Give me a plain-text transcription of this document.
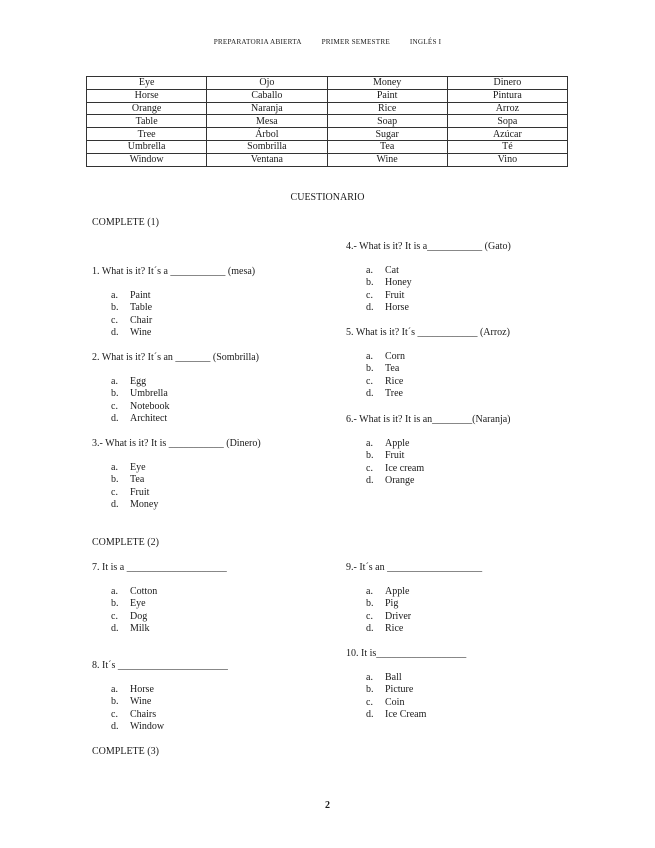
PREPARATORIA ABIERTA	PRIMER SEMESTRE	INGLÉS I
Eye	Ojo	Money	Dinero
Horse	Caballo	Paint	Pintura
Orange	Naranja	Rice	Arroz
Table	Mesa	Soap	Sopa
Tree	Árbol	Sugar	Azúcar
Umbrella	Sombrilla	Tea	Té
Window	Ventana	Wine	Vino
CUESTIONARIO
COMPLETE (1)
1. What is it? It´s a ___________ (mesa)
a. Paint
b. Table
c. Chair
d. Wine
2. What is it? It´s an _______ (Sombrilla)
a. Egg
b. Umbrella
c. Notebook
d. Architect
3.- What is it? It is ___________ (Dinero)
a. Eye
b. Tea
c. Fruit
d. Money
4.- What is it? It is a___________ (Gato)
a. Cat
b. Honey
c. Fruit
d. Horse
5. What is it? It´s ____________ (Arroz)
a. Corn
b. Tea
c. Rice
d. Tree
6.- What is it? It is an________(Naranja)
a. Apple
b. Fruit
c. Ice cream
d. Orange
COMPLETE (2)
7. It is a ____________________
a. Cotton
b. Eye
c. Dog
d. Milk
8. It´s ______________________
a. Horse
b. Wine
c. Chairs
d. Window
9.- It´s an ___________________
a. Apple
b. Pig
c. Driver
d. Rice
10. It is__________________
a. Ball
b. Picture
c. Coin
d. Ice Cream
COMPLETE (3)
2
